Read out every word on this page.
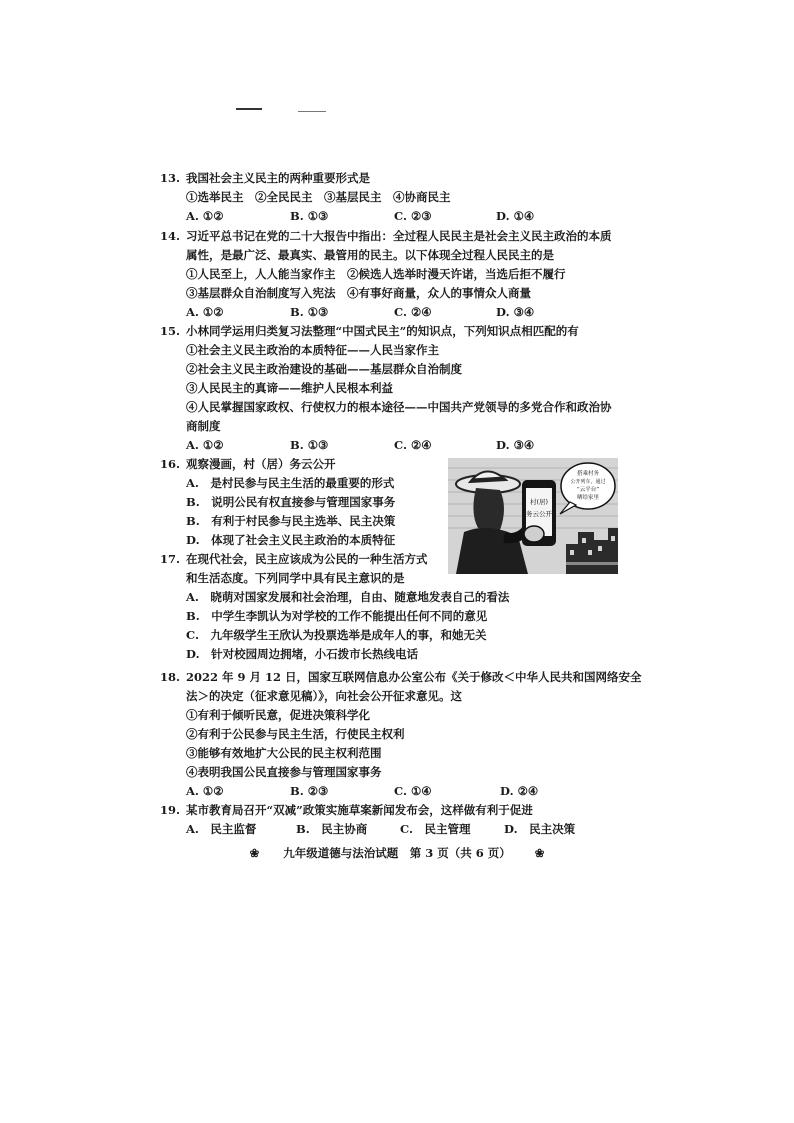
13. 我国社会主义民主的两种重要形式是
①选举民主　②全民民主　③基层民主　④协商民主
A. ①②	B. ①③	C. ②③	D. ①④
14. 习近平总书记在党的二十大报告中指出：全过程人民民主是社会主义民主政治的本质
属性，是最广泛、最真实、最管用的民主。以下体现全过程人民民主的是
①人民至上，人人能当家作主　②候选人选举时漫天许诺，当选后拒不履行
③基层群众自治制度写入宪法　④有事好商量，众人的事情众人商量
A. ①②	B. ①③	C. ②④	D. ③④
15. 小林同学运用归类复习法整理“中国式民主”的知识点，下列知识点相匹配的有
①社会主义民主政治的本质特征——人民当家作主
②社会主义民主政治建设的基础——基层群众自治制度
③人民民主的真谛——维护人民根本利益
④人民掌握国家政权、行使权力的根本途径——中国共产党领导的多党合作和政治协
商制度
A. ①②	B. ①③	C. ②④	D. ③④
16. 观察漫画，村（居）务云公开
A.　是村民参与民主生活的最重要的形式
B.　说明公民有权直接参与管理国家事务
B.　有利于村民参与民主选举、民主决策
D.　体现了社会主义民主政治的本质特征
村(居)
务云公开
搭乘村务
公开列车，通过
“云平台”
晒给家里
17. 在现代社会，民主应该成为公民的一种生活方式
和生活态度。下列同学中具有民主意识的是
A.　晓萌对国家发展和社会治理，自由、随意地发表自己的看法
B.　中学生李凯认为对学校的工作不能提出任何不同的意见
C.　九年级学生王欣认为投票选举是成年人的事，和她无关
D.　针对校园周边拥堵，小石拨市长热线电话
18. 2022 年 9 月 12 日，国家互联网信息办公室公布《关于修改＜中华人民共和国网络安全
法＞的决定（征求意见稿）》，向社会公开征求意见。这
①有利于倾听民意，促进决策科学化
②有利于公民参与民主生活，行使民主权利
③能够有效地扩大公民的民主权利范围
④表明我国公民直接参与管理国家事务
A. ①②	B. ②③	C. ①④	D. ②④
19. 某市教育局召开“双减”政策实施草案新闻发布会，这样做有利于促进
A.　民主监督	B.　民主协商	C.　民主管理	D.　民主决策
❀ 九年级道德与法治试题　第 3 页（共 6 页） ❀
